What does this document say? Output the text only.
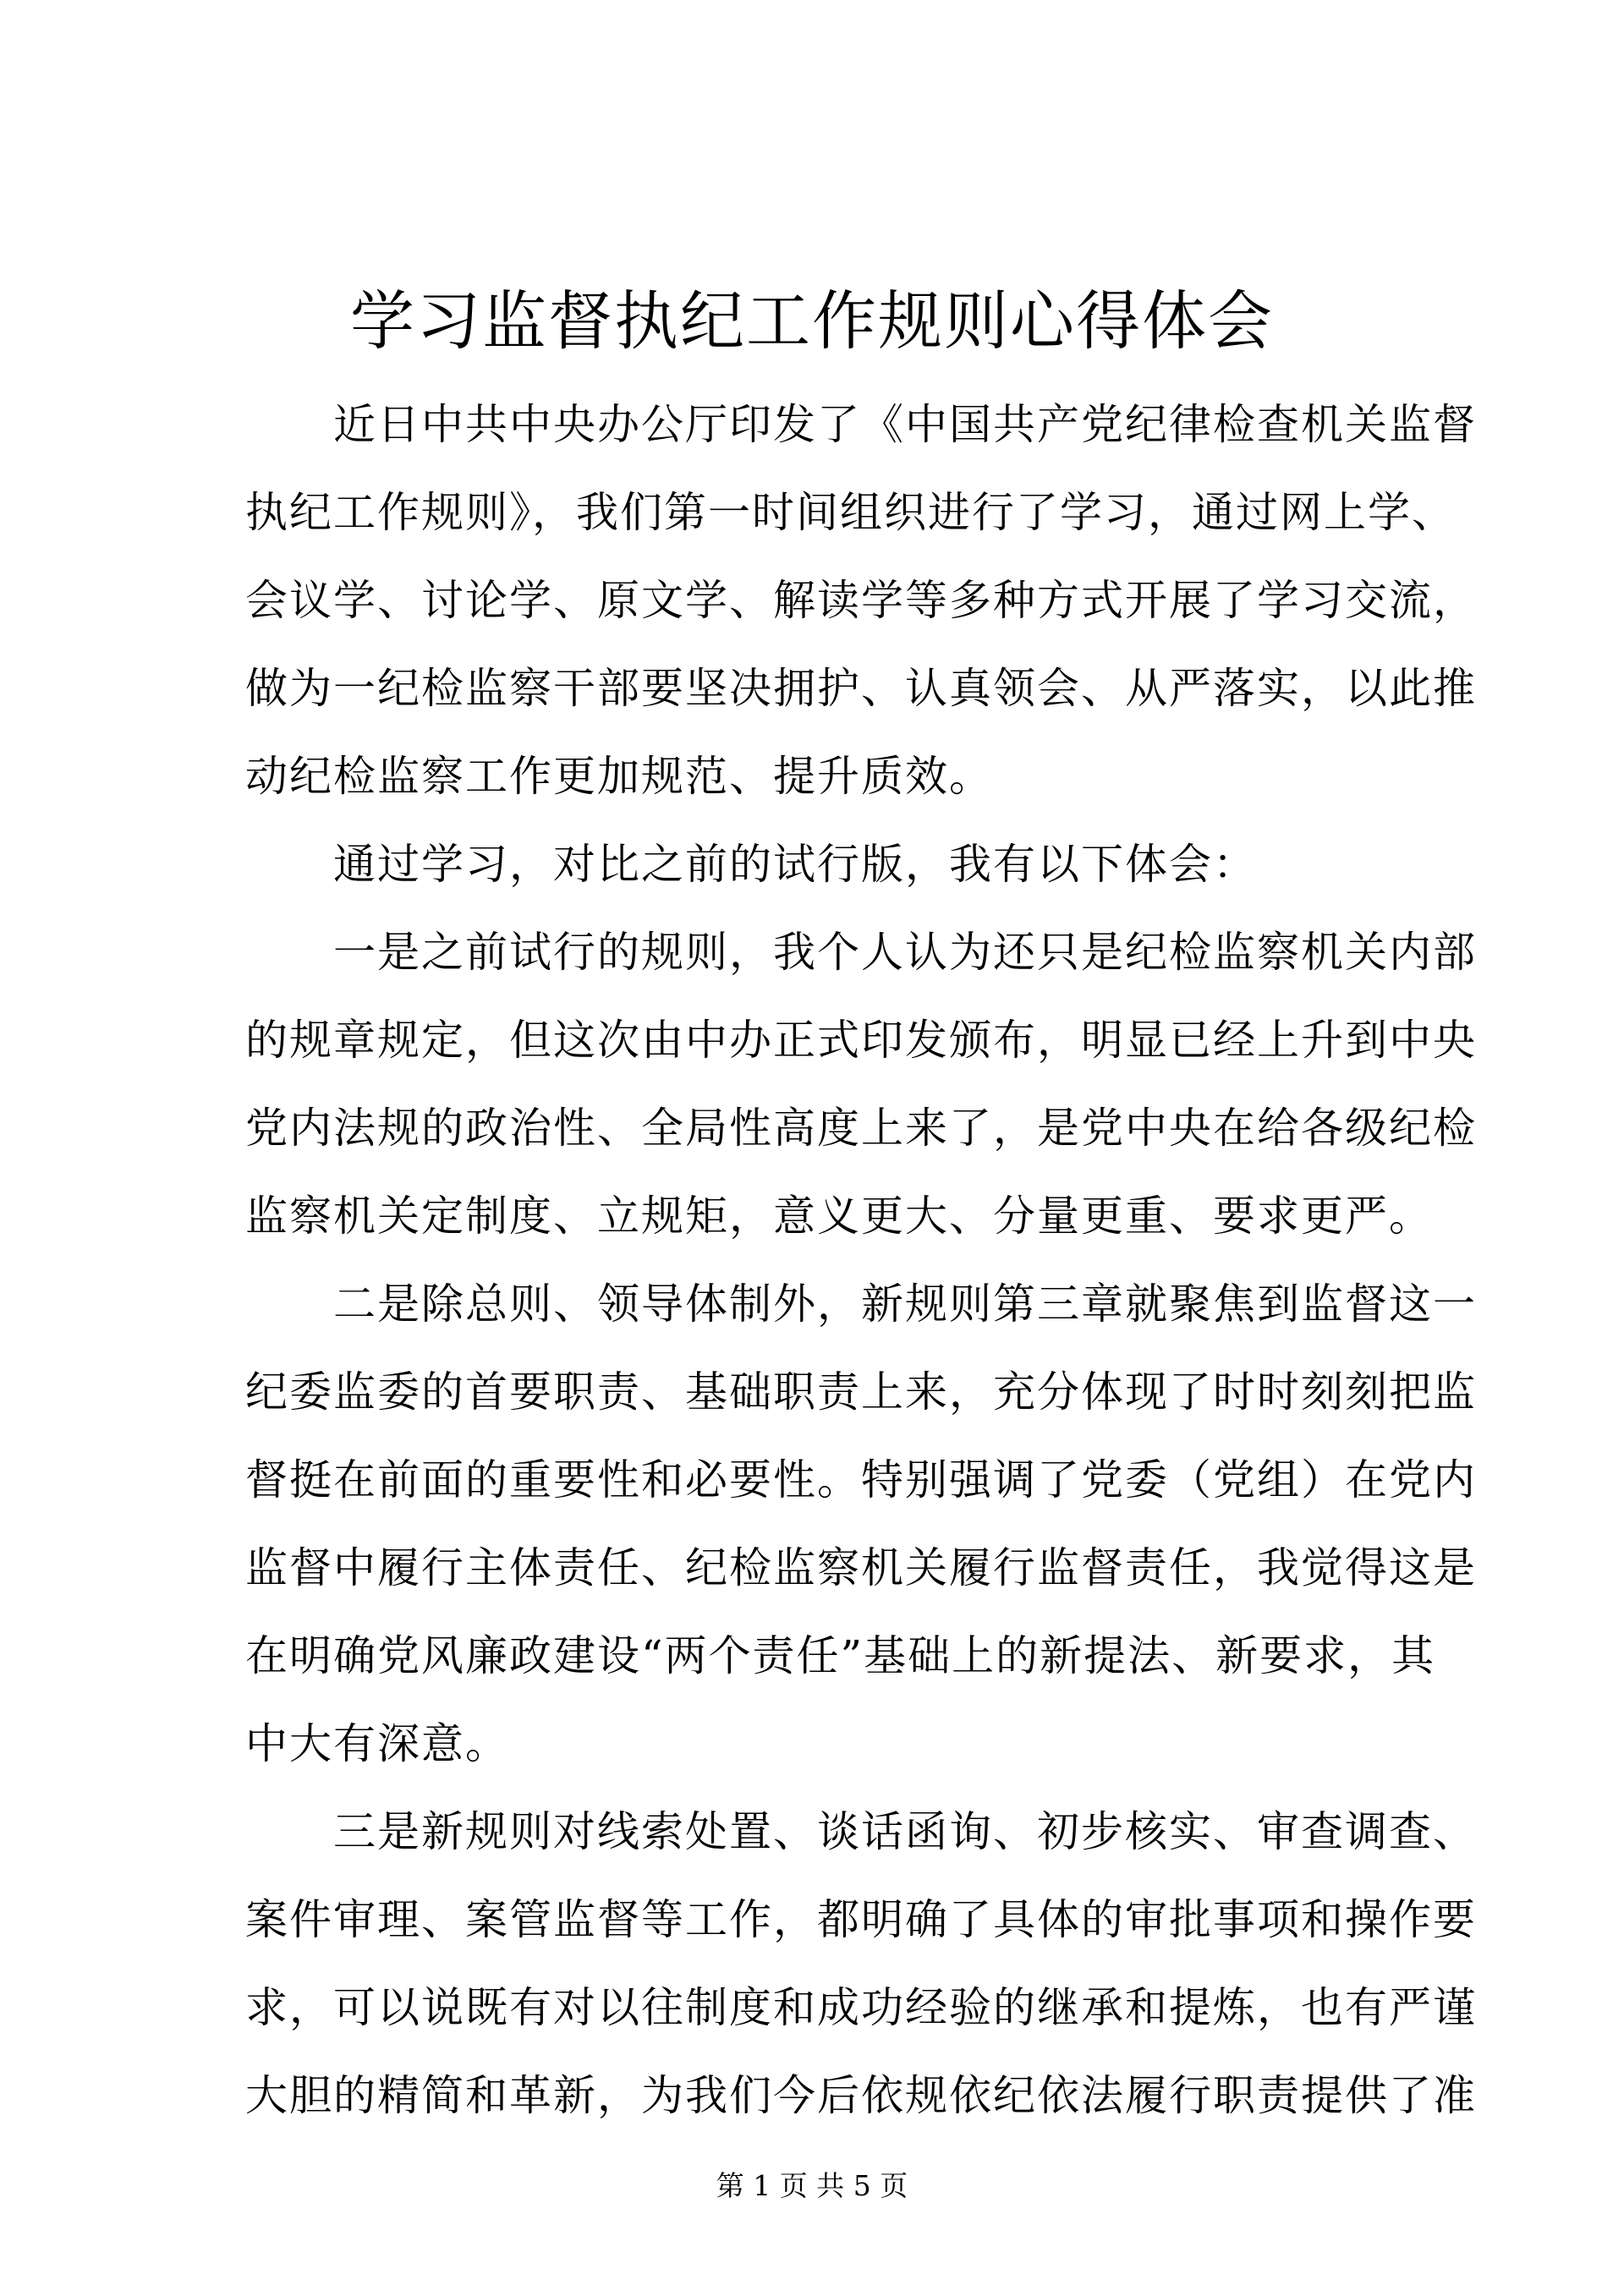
学习监督执纪工作规则心得体会
近日中共中央办公厅印发了《中国共产党纪律检查机关监督
执纪工作规则》，我们第一时间组织进行了学习，通过网上学、
会议学、讨论学、原文学、解读学等多种方式开展了学习交流，
做为一纪检监察干部要坚决拥护、认真领会、从严落实，以此推
动纪检监察工作更加规范、提升质效。
通过学习，对比之前的试行版，我有以下体会：
一是之前试行的规则，我个人认为还只是纪检监察机关内部
的规章规定，但这次由中办正式印发颁布，明显已经上升到中央
党内法规的政治性、全局性高度上来了，是党中央在给各级纪检
监察机关定制度、立规矩，意义更大、分量更重、要求更严。
二是除总则、领导体制外，新规则第三章就聚焦到监督这一
纪委监委的首要职责、基础职责上来，充分体现了时时刻刻把监
督挺在前面的重要性和必要性。特别强调了党委（党组）在党内
监督中履行主体责任、纪检监察机关履行监督责任，我觉得这是
在明确党风廉政建设“两个责任”基础上的新提法、新要求，其
中大有深意。
三是新规则对线索处置、谈话函询、初步核实、审查调查、
案件审理、案管监督等工作，都明确了具体的审批事项和操作要
求，可以说既有对以往制度和成功经验的继承和提炼，也有严谨
大胆的精简和革新，为我们今后依规依纪依法履行职责提供了准
第 1 页 共 5 页
